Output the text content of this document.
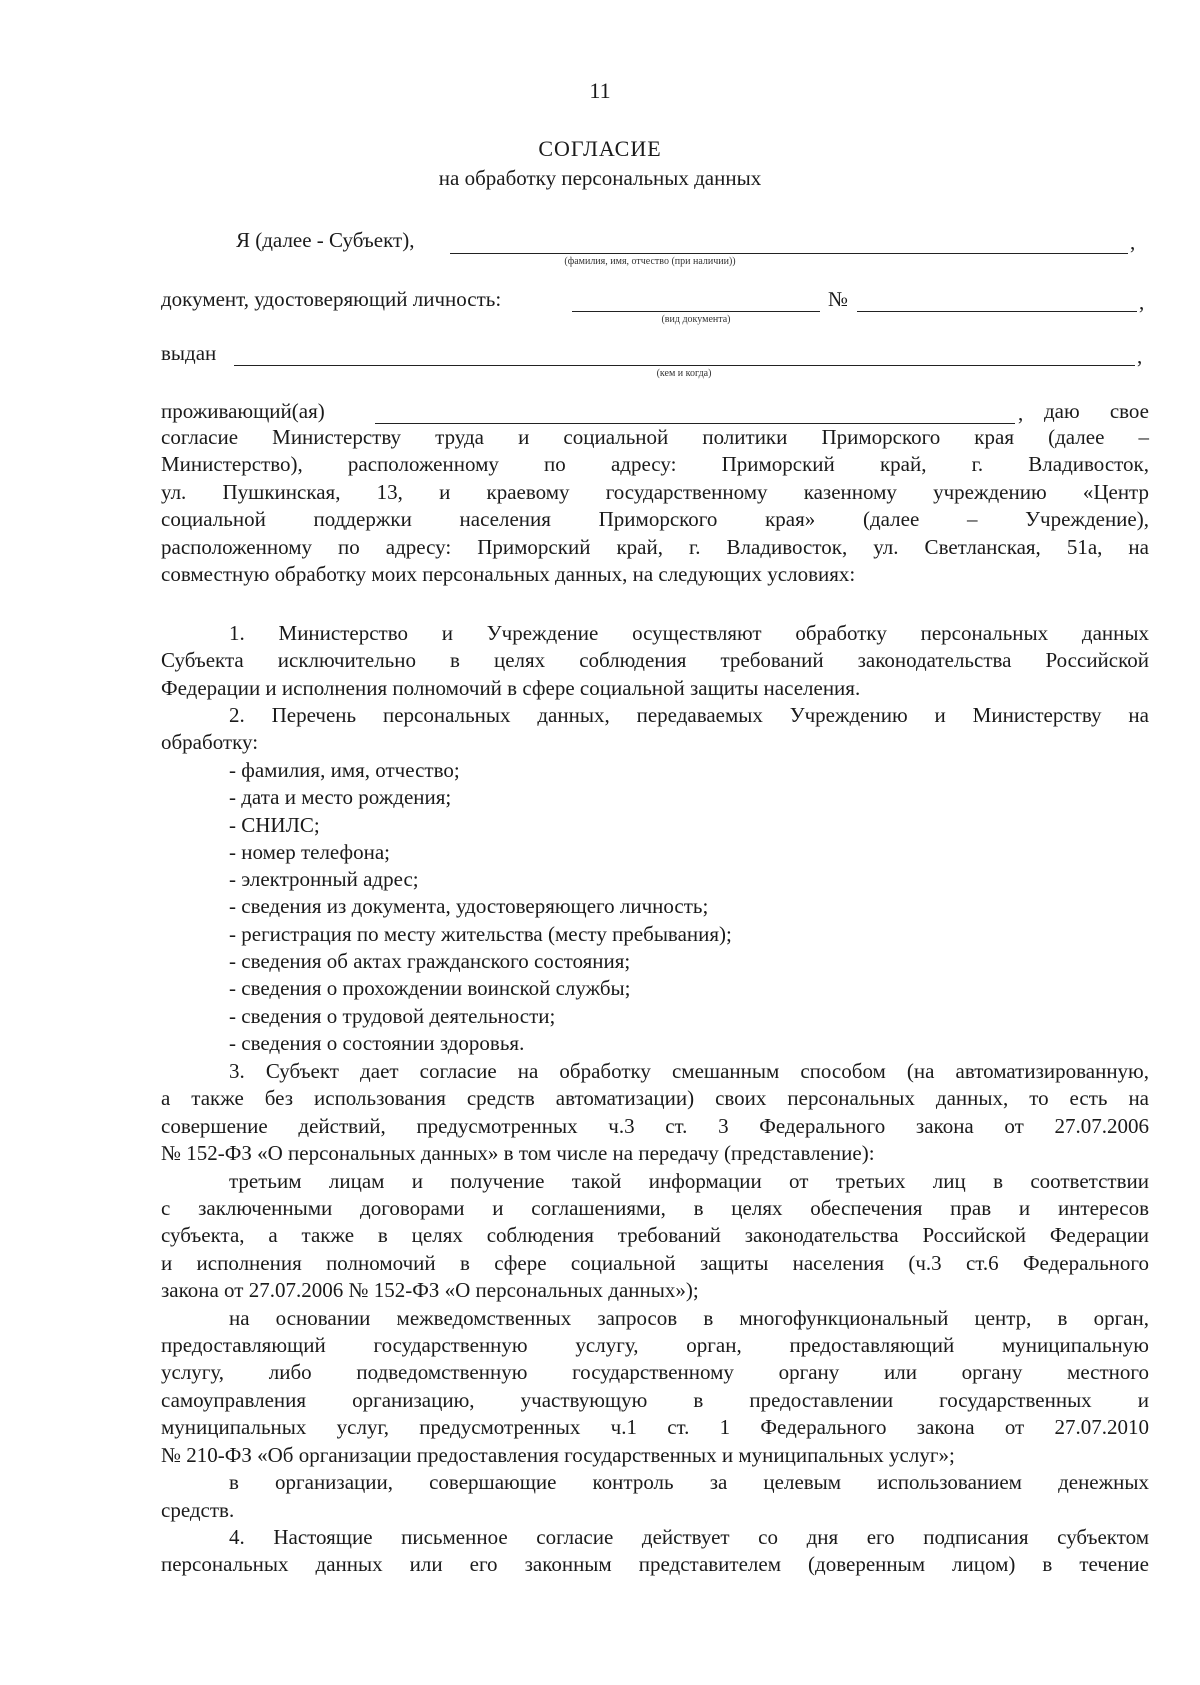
11
СОГЛАСИЕ
на обработку персональных данных
Я (далее - Субъект),	,
(фамилия, имя, отчество (при наличии))
документ, удостоверяющий личность:	№	,
(вид документа)
выдан	,
(кем и когда)
проживающий(ая)	, даю свое
согласие Министерству труда и социальной политики Приморского края (далее –
Министерство), расположенному по адресу: Приморский край, г. Владивосток,
ул. Пушкинская, 13, и краевому государственному казенному учреждению «Центр
социальной поддержки населения Приморского края» (далее – Учреждение),
расположенному по адресу: Приморский край, г. Владивосток, ул. Светланская, 51а, на
совместную обработку моих персональных данных, на следующих условиях:
1. Министерство и Учреждение осуществляют обработку персональных данных
Субъекта исключительно в целях соблюдения требований законодательства Российской
Федерации и исполнения полномочий в сфере социальной защиты населения.
2. Перечень персональных данных, передаваемых Учреждению и Министерству на
обработку:
- фамилия, имя, отчество;
- дата и место рождения;
- СНИЛС;
- номер телефона;
- электронный адрес;
- сведения из документа, удостоверяющего личность;
- регистрация по месту жительства (месту пребывания);
- сведения об актах гражданского состояния;
- сведения о прохождении воинской службы;
- сведения о трудовой деятельности;
- сведения о состоянии здоровья.
3. Субъект дает согласие на обработку смешанным способом (на автоматизированную,
а также без использования средств автоматизации) своих персональных данных, то есть на
совершение действий, предусмотренных ч.3 ст. 3 Федерального закона от 27.07.2006
№ 152-ФЗ «О персональных данных» в том числе на передачу (представление):
третьим лицам и получение такой информации от третьих лиц в соответствии
с заключенными договорами и соглашениями, в целях обеспечения прав и интересов
субъекта, а также в целях соблюдения требований законодательства Российской Федерации
и исполнения полномочий в сфере социальной защиты населения (ч.3 ст.6 Федерального
закона от 27.07.2006 № 152-ФЗ «О персональных данных»);
на основании межведомственных запросов в многофункциональный центр, в орган,
предоставляющий государственную услугу, орган, предоставляющий муниципальную
услугу, либо подведомственную государственному органу или органу местного
самоуправления организацию, участвующую в предоставлении государственных и
муниципальных услуг, предусмотренных ч.1 ст. 1 Федерального закона от 27.07.2010
№ 210-ФЗ «Об организации предоставления государственных и муниципальных услуг»;
в организации, совершающие контроль за целевым использованием денежных
средств.
4. Настоящие письменное согласие действует со дня его подписания субъектом
персональных данных или его законным представителем (доверенным лицом) в течение
